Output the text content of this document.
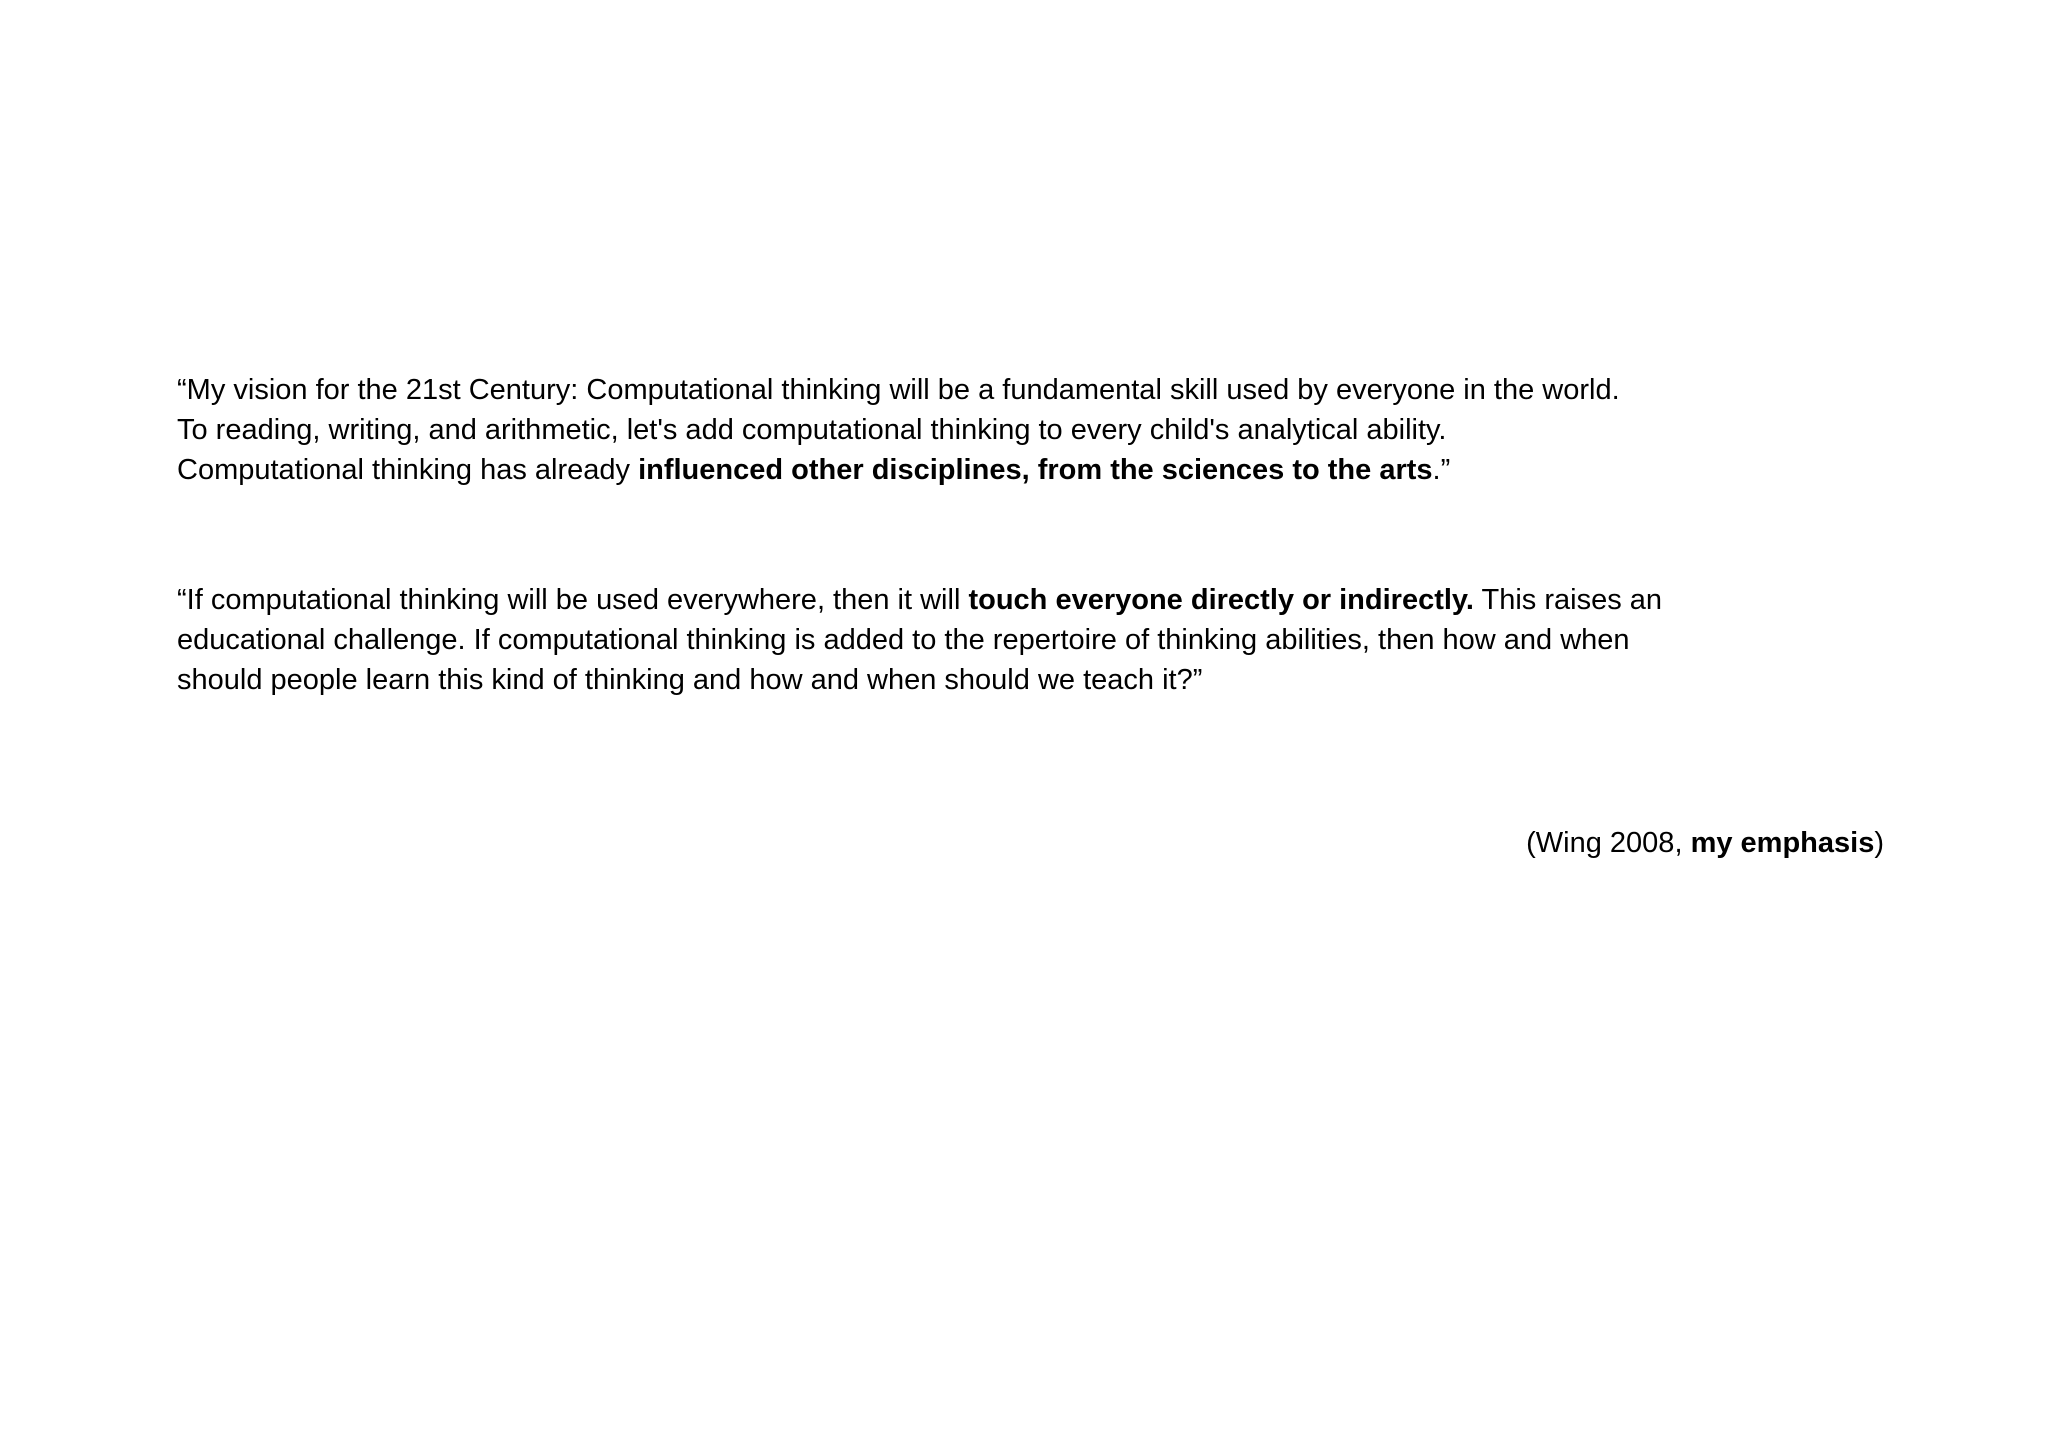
“My vision for the 21st Century: Computational thinking will be a fundamental skill used by everyone in the world.
To reading, writing, and arithmetic, let's add computational thinking to every child's analytical ability.
Computational thinking has already influenced other disciplines, from the sciences to the arts.”

“If computational thinking will be used everywhere, then it will touch everyone directly or indirectly. This raises an
educational challenge. If computational thinking is added to the repertoire of thinking abilities, then how and when
should people learn this kind of thinking and how and when should we teach it?”

(Wing 2008, my emphasis)
